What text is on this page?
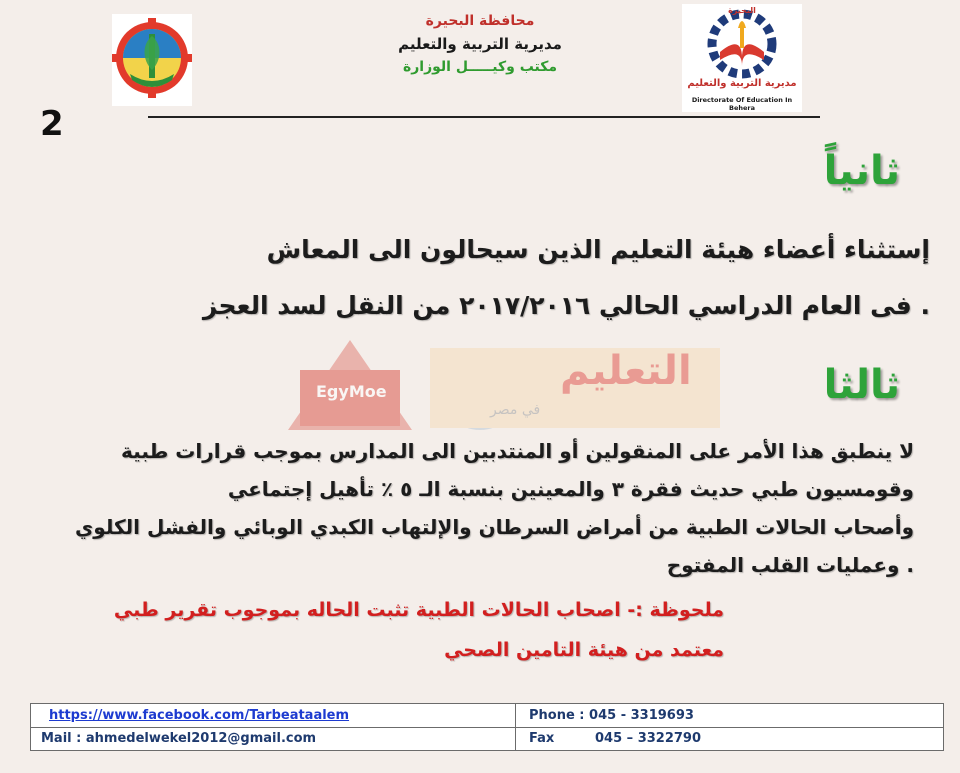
محافظة البحيرة
مديرية التربية والتعليم
مكتب وكيـــــل الوزارة
البحيرة
مديرية التربية والتعليم
Directorate Of Education In Behera
2
ثانياً
إستثناء أعضاء هيئة التعليم الذين سيحالون الى المعاش
. فى العام الدراسي الحالي ٢٠١٧/٢٠١٦ من النقل لسد العجز
EgyMoe	التعليم
في مصر
ثالثا
لا ينطبق هذا الأمر على المنقولين أو المنتدبين الى المدارس بموجب قرارات طبية
وقومسيون طبي حديث فقرة ٣ والمعينين بنسبة الـ ٥ ٪ تأهيل إجتماعي
وأصحاب الحالات الطبية من أمراض السرطان والإلتهاب الكبدي الوبائي والفشل الكلوي
. وعمليات القلب المفتوح
ملحوظة :- اصحاب الحالات الطبية تثبت الحاله بموجوب تقرير طبي
معتمد من هيئة التامين الصحي
https://www.facebook.com/Tarbeataalem
Mail : ahmedelwekel2012@gmail.com
Phone : 045 - 3319693
Fax         045 – 3322790
